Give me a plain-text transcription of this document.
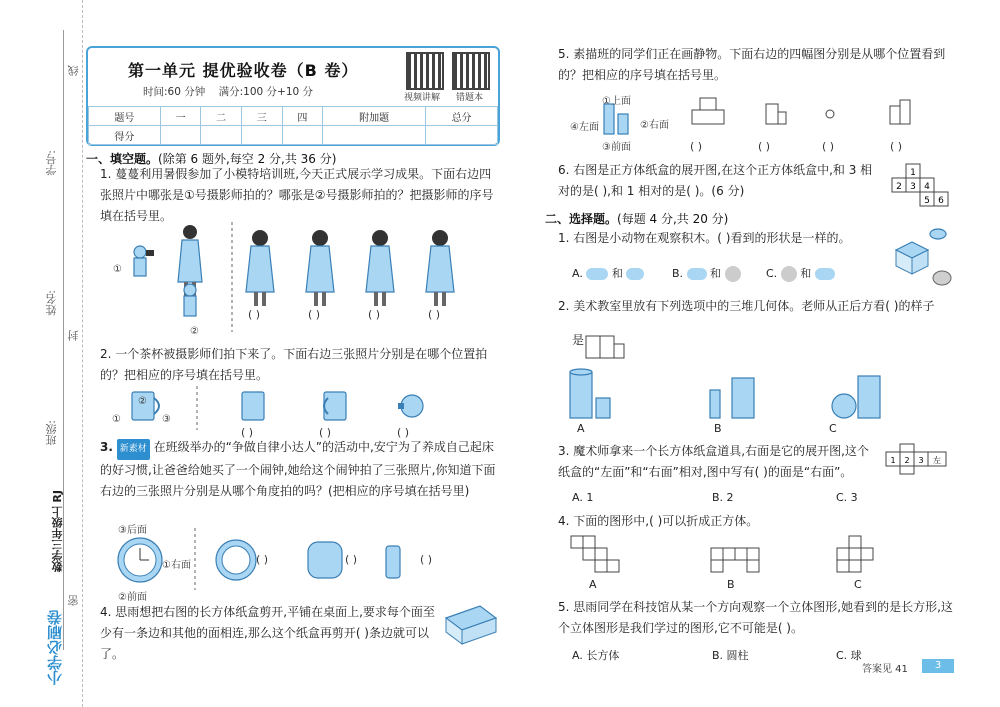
线
学号:
姓名:
封
班级:
数学三年级上 RJ
密
小学必刷卷
第一单元 提优验收卷（B 卷）
时间:60 分钟 满分:100 分+10 分	视频讲解 错题本
题号	一	二	三	四	附加题	总分
得分						
一、填空题。(除第 6 题外,每空 2 分,共 36 分)
1. 蔓蔓利用暑假参加了小模特培训班,今天正式展示学习成果。下面右边四张照片中哪张是①号摄影师拍的？哪张是②号摄影师拍的？把摄影师的序号填在括号里。
①
②
( )	( )	( )	( )
2. 一个茶杯被摄影师们拍下来了。下面右边三张照片分别是在哪个位置拍的？把相应的序号填在括号里。
①
②
③
( )	( )	( )
3. 新素材 在班级举办的“争做自律小达人”的活动中,安宁为了养成自己起床的好习惯,让爸爸给她买了一个闹钟,她给这个闹钟拍了三张照片,你知道下面右边的三张照片分别是从哪个角度拍的吗？(把相应的序号填在括号里)
③后面
①右面
②前面
( )	( )	( )
4. 思雨想把右图的长方体纸盒剪开,平铺在桌面上,要求每个面至少有一条边和其他的面相连,那么这个纸盒再剪开( )条边就可以了。
5. 素描班的同学们正在画静物。下面右边的四幅图分别是从哪个位置看到的？把相应的序号填在括号里。
①上面
④左面	②右面
③前面	( )	( )	( )	( )
6. 右图是正方体纸盒的展开图,在这个正方体纸盒中,和 3 相对的是( ),和 1 相对的是( )。(6 分)
1
2 3 4
5 6
二、选择题。(每题 4 分,共 20 分)
1. 右图是小动物在观察积木。( )看到的形状是一样的。
A.	和	B. 和	C. 和
2. 美术教室里放有下列选项中的三堆几何体。老师从正后方看( )的样子
是
A	B	C
3. 魔术师拿来一个长方体纸盒道具,右面是它的展开图,这个纸盒的“左面”和“右面”相对,图中写有( )的面是“右面”。
1 2 3 左
A. 1	B. 2	C. 3
4. 下面的图形中,( )可以折成正方体。
A	B	C
5. 思雨同学在科技馆从某一个方向观察一个立体图形,她看到的是长方形,这个立体图形是我们学过的图形,它不可能是( )。
A. 长方体	B. 圆柱	C. 球
答案见 41	3
